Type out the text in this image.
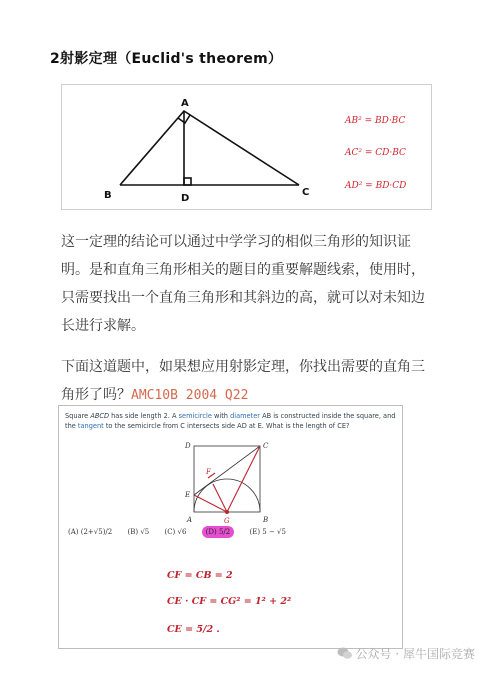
2射影定理（Euclid's theorem）
A
B	D
C
AB² = BD·BC
AC² = CD·BC
AD² = BD·CD
这一定理的结论可以通过中学学习的相似三角形的知识证明。是和直角三角形相关的题目的重要解题线索，使用时，只需要找出一个直角三角形和其斜边的高，就可以对未知边长进行求解。
下面这道题中，如果想应用射影定理，你找出需要的直角三角形了吗？AMC10B 2004 Q22
Square ABCD has side length 2. A semicircle with diameter AB is constructed inside the square, and the tangent to the semicircle from C intersects side AD at E. What is the length of CE?
D	C
F
E
A	G	B
(A) (2+√5)/2 (B) √5 (C) √6	(D) 5/2	(E) 5 − √5
CF = CB = 2
CE · CF = CG² = 1² + 2²
CE = 5/2 .
公众号 · 犀牛国际竞赛
